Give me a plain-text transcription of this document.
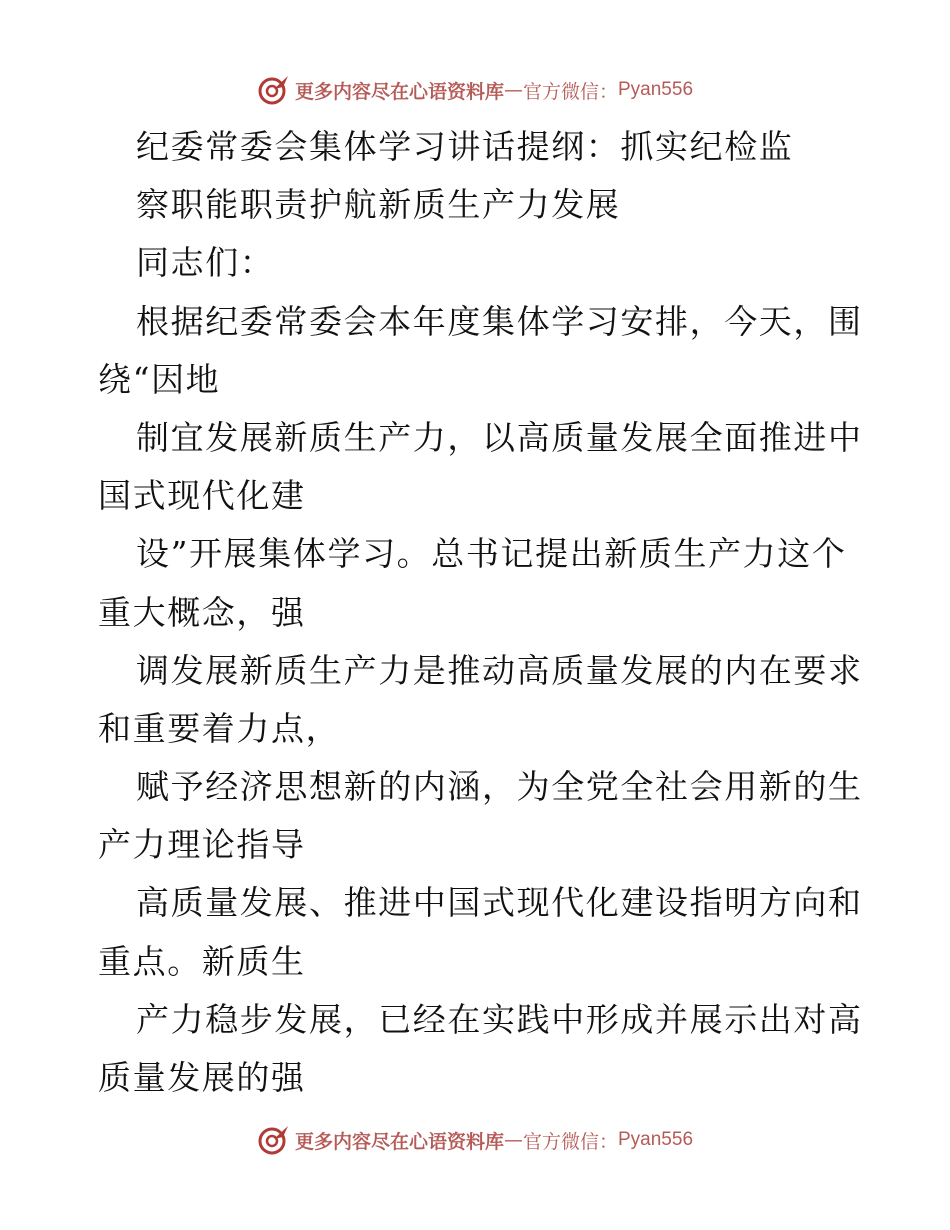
更多内容尽在心语资料库 — 官方微信： Pyan556
纪委常委会集体学习讲话提纲：抓实纪检监
察职能职责护航新质生产力发展
同志们：
根据纪委常委会本年度集体学习安排，今天，围
绕“因地
制宜发展新质生产力，以高质量发展全面推进中
国式现代化建
设”开展集体学习。总书记提出新质生产力这个
重大概念，强
调发展新质生产力是推动高质量发展的内在要求
和重要着力点，
赋予经济思想新的内涵，为全党全社会用新的生
产力理论指导
高质量发展、推进中国式现代化建设指明方向和
重点。新质生
产力稳步发展，已经在实践中形成并展示出对高
质量发展的强
更多内容尽在心语资料库 — 官方微信： Pyan556
